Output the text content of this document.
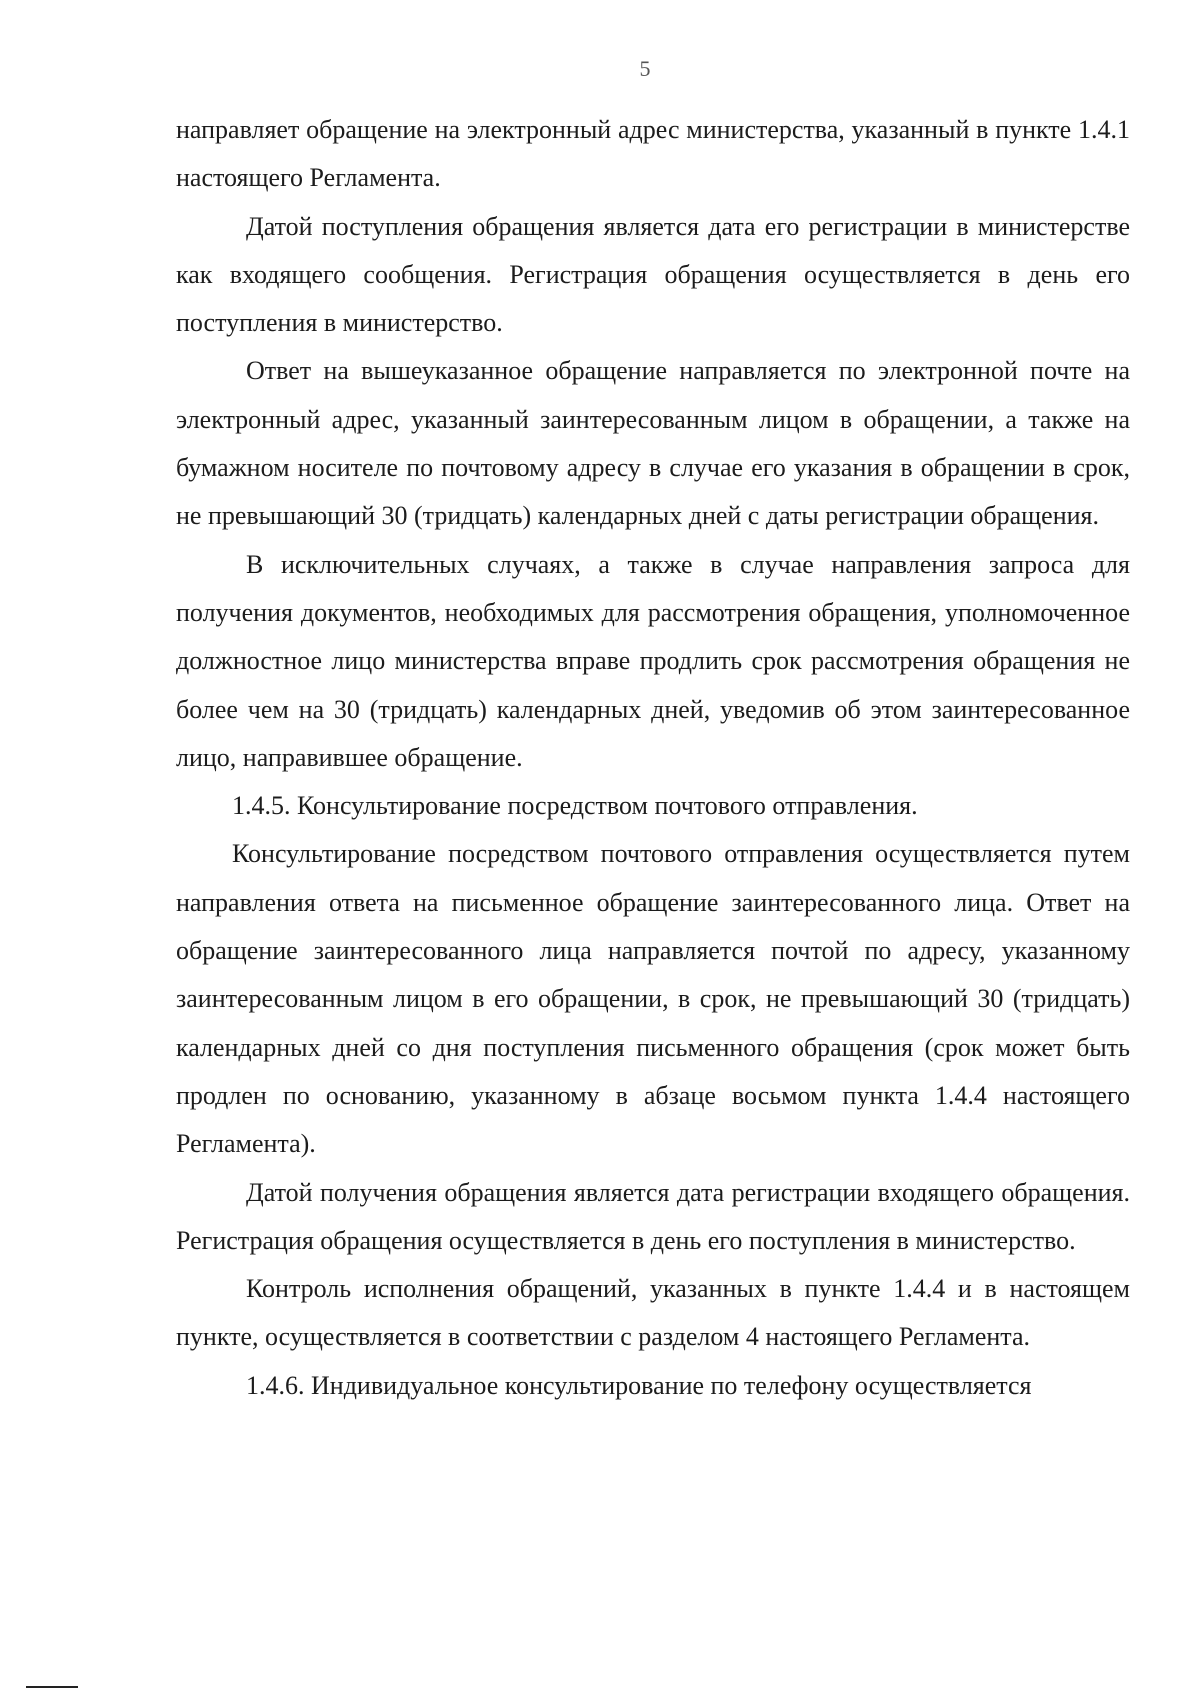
5

направляет обращение на электронный адрес министерства, указанный в пункте 1.4.1 настоящего Регламента.

Датой поступления обращения является дата его регистрации в министерстве как входящего сообщения. Регистрация обращения осуществляется в день его поступления в министерство.

Ответ на вышеуказанное обращение направляется по электронной почте на электронный адрес, указанный заинтересованным лицом в обращении, а также на бумажном носителе по почтовому адресу в случае его указания в обращении в срок, не превышающий 30 (тридцать) календарных дней с даты регистрации обращения.

В исключительных случаях, а также в случае направления запроса для получения документов, необходимых для рассмотрения обращения, уполномоченное должностное лицо министерства вправе продлить срок рассмотрения обращения не более чем на 30 (тридцать) календарных дней, уведомив об этом заинтересованное лицо, направившее обращение.

1.4.5. Консультирование посредством почтового отправления.

Консультирование посредством почтового отправления осуществляется путем направления ответа на письменное обращение заинтересованного лица. Ответ на обращение заинтересованного лица направляется почтой по адресу, указанному заинтересованным лицом в его обращении, в срок, не превышающий 30 (тридцать) календарных дней со дня поступления письменного обращения (срок может быть продлен по основанию, указанному в абзаце восьмом пункта 1.4.4 настоящего Регламента).

Датой получения обращения является дата регистрации входящего обращения. Регистрация обращения осуществляется в день его поступления в министерство.

Контроль исполнения обращений, указанных в пункте 1.4.4 и в настоящем пункте, осуществляется в соответствии с разделом 4 настоящего Регламента.

1.4.6. Индивидуальное консультирование по телефону осуществляется
